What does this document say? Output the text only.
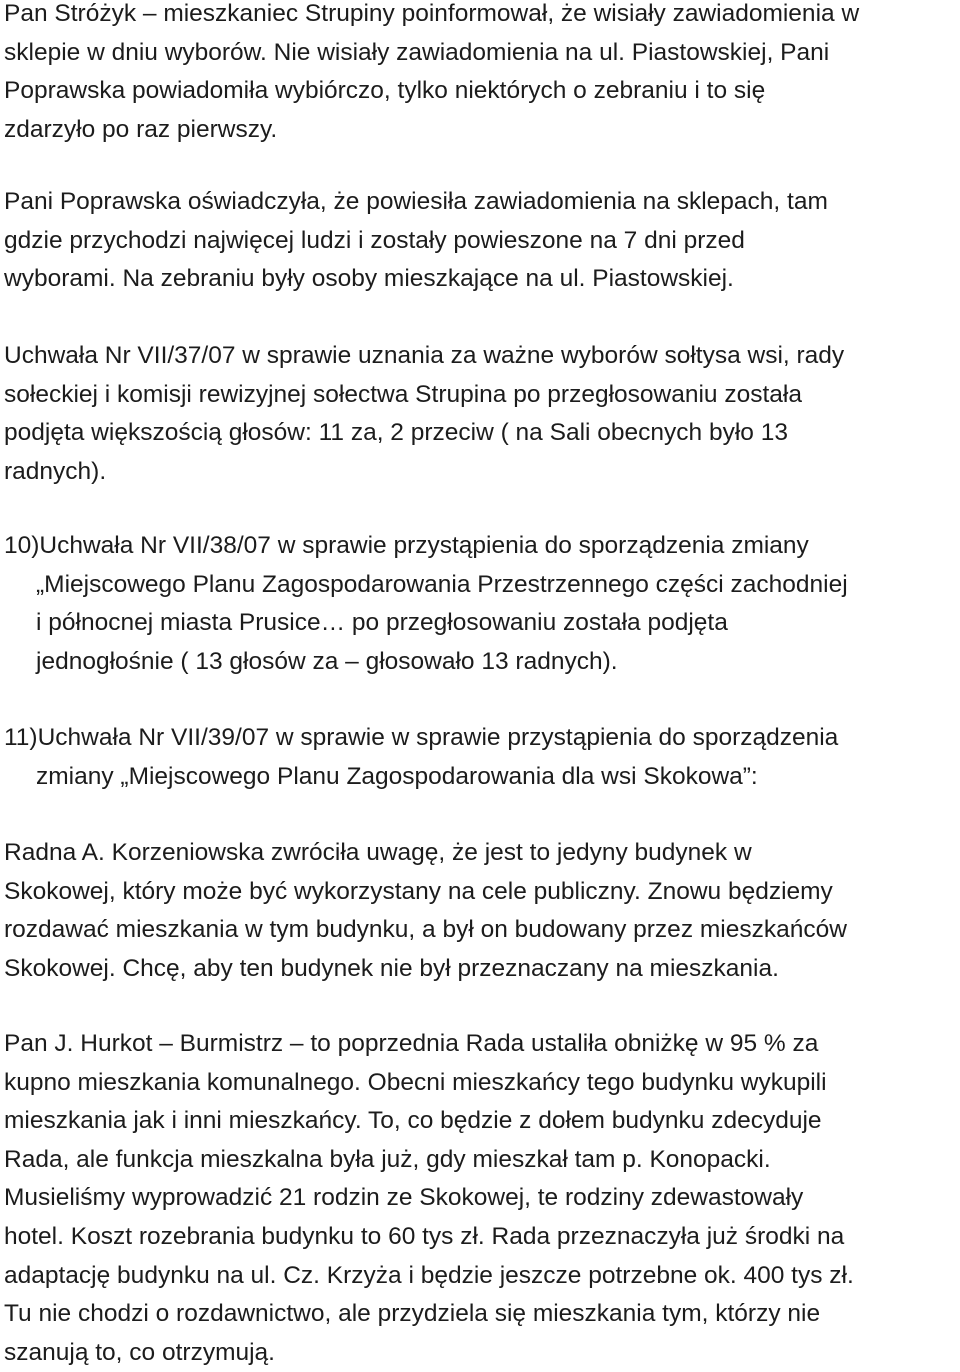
Pan Stróżyk – mieszkaniec Strupiny poinformował, że wisiały zawiadomienia w
sklepie w dniu wyborów. Nie wisiały zawiadomienia na ul. Piastowskiej, Pani
Poprawska powiadomiła wybiórczo, tylko niektórych o zebraniu i to się
zdarzyło po raz pierwszy.

Pani Poprawska oświadczyła, że powiesiła zawiadomienia na sklepach, tam
gdzie przychodzi najwięcej ludzi i zostały powieszone na 7 dni przed
wyborami. Na zebraniu były osoby mieszkające na ul. Piastowskiej.

Uchwała Nr VII/37/07 w sprawie uznania za ważne wyborów sołtysa wsi, rady
sołeckiej i komisji rewizyjnej sołectwa Strupina po przegłosowaniu została
podjęta większością głosów: 11 za, 2 przeciw ( na Sali obecnych było 13
radnych).

10)Uchwała Nr VII/38/07 w sprawie przystąpienia do sporządzenia zmiany
„Miejscowego Planu Zagospodarowania Przestrzennego części zachodniej
i północnej miasta Prusice… po przegłosowaniu została podjęta
jednogłośnie ( 13 głosów za – głosowało 13 radnych).
11)Uchwała Nr VII/39/07 w sprawie w sprawie przystąpienia do sporządzenia
zmiany „Miejscowego Planu Zagospodarowania dla wsi Skokowa”:

Radna A. Korzeniowska zwróciła uwagę, że jest to jedyny budynek w
Skokowej, który może być wykorzystany na cele publiczny. Znowu będziemy
rozdawać mieszkania w tym budynku, a był on budowany przez mieszkańców
Skokowej. Chcę, aby ten budynek nie był przeznaczany na mieszkania.

Pan J. Hurkot – Burmistrz – to poprzednia Rada ustaliła obniżkę w 95 % za
kupno mieszkania komunalnego. Obecni mieszkańcy tego budynku wykupili
mieszkania jak i inni mieszkańcy. To, co będzie z dołem budynku zdecyduje
Rada, ale funkcja mieszkalna była już, gdy mieszkał tam p. Konopacki.
Musieliśmy wyprowadzić 21 rodzin ze Skokowej, te rodziny zdewastowały
hotel. Koszt rozebrania budynku to 60 tys zł. Rada przeznaczyła już środki na
adaptację budynku na ul. Cz. Krzyża i będzie jeszcze potrzebne ok. 400 tys zł.
Tu nie chodzi o rozdawnictwo, ale przydziela się mieszkania tym, którzy nie
szanują to, co otrzymują.
